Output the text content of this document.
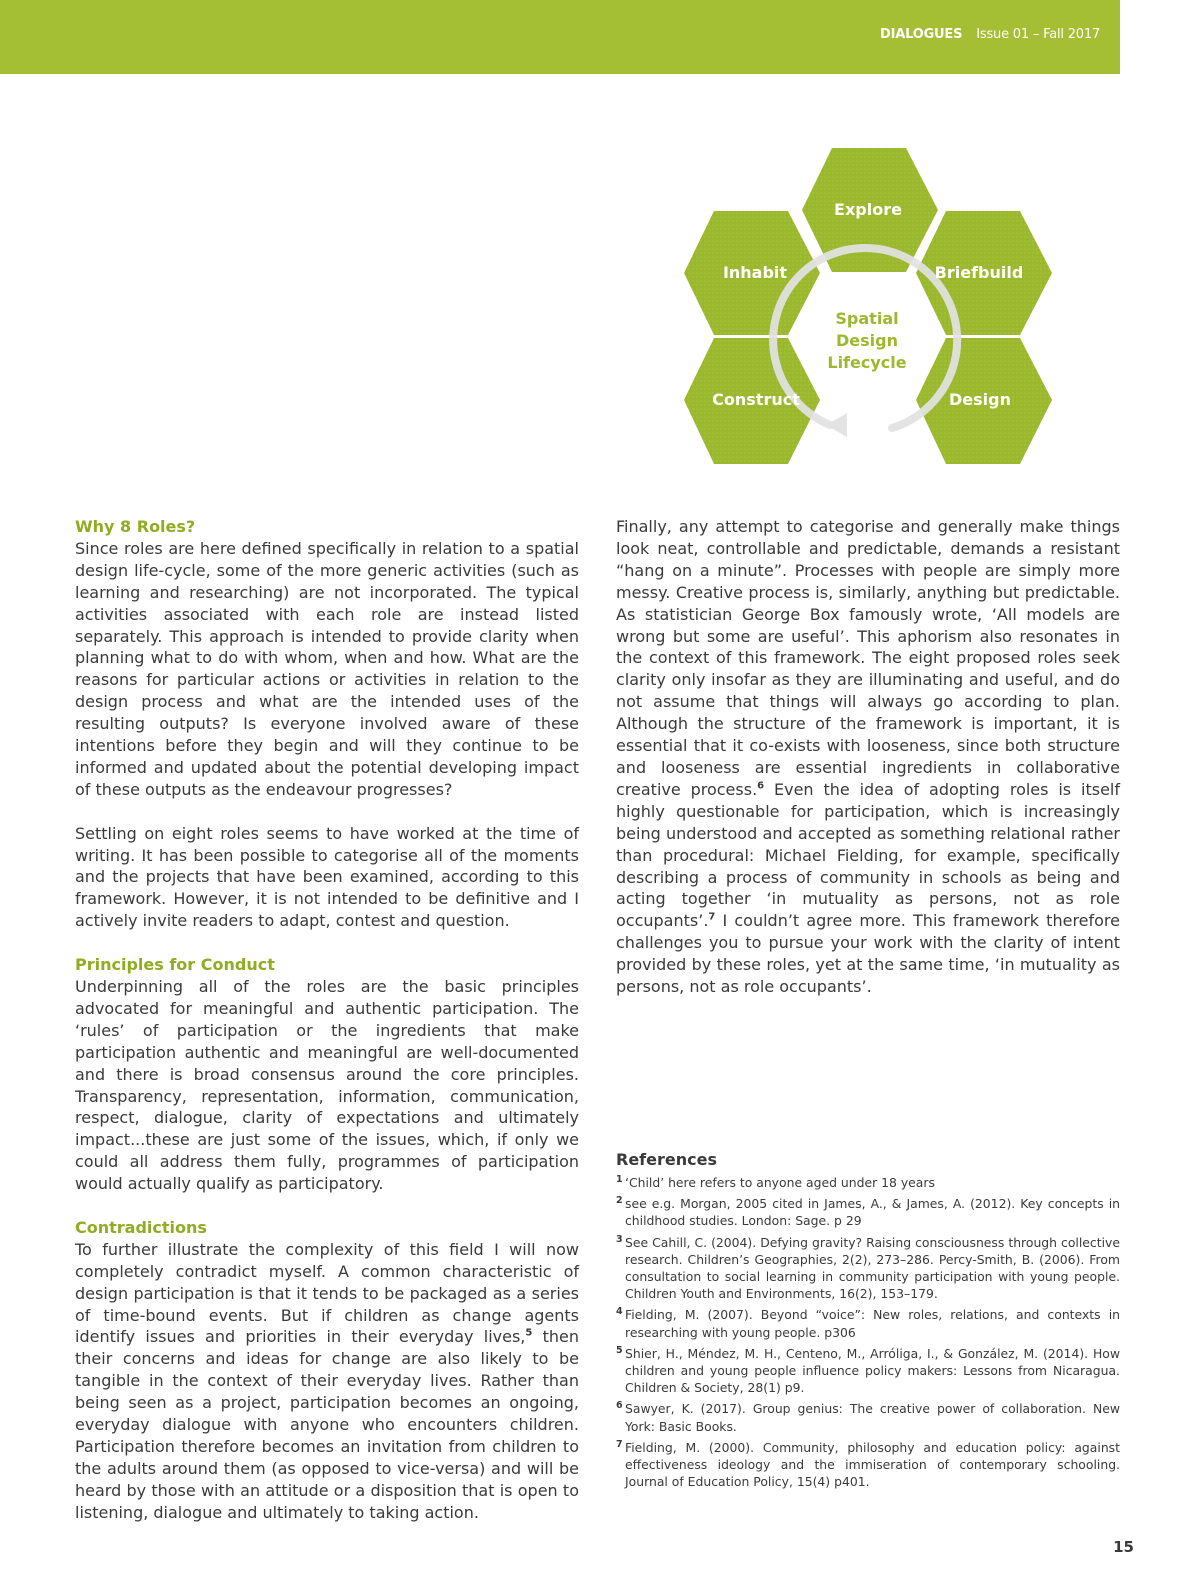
DIALOGUES Issue 01 – Fall 2017
Explore
Briefbuild
Design
Construct
Inhabit
Spatial
Design
Lifecycle
Why 8 Roles?

Since roles are here defined specifically in relation to a spatial design life-cycle, some of the more generic activities (such as learning and researching) are not incorporated. The typical activities associated with each role are instead listed separately. This approach is intended to provide clarity when planning what to do with whom, when and how. What are the reasons for particular actions or activities in relation to the design process and what are the intended uses of the resulting outputs? Is everyone involved aware of these intentions before they begin and will they continue to be informed and updated about the potential developing impact of these outputs as the endeavour progresses?

Settling on eight roles seems to have worked at the time of writing. It has been possible to categorise all of the moments and the projects that have been examined, according to this framework. However, it is not intended to be definitive and I actively invite readers to adapt, contest and question.

Principles for Conduct

Underpinning all of the roles are the basic principles advocated for meaningful and authentic participation. The ‘rules’ of participation or the ingredients that make participation authentic and meaningful are well-documented and there is broad consensus around the core principles. Transparency, representation, information, communication, respect, dialogue, clarity of expectations and ultimately impact...these are just some of the issues, which, if only we could all address them fully, programmes of participation would actually qualify as participatory.

Contradictions

To further illustrate the complexity of this field I will now completely contradict myself. A common characteristic of design participation is that it tends to be packaged as a series of time-bound events. But if children as change agents identify issues and priorities in their everyday lives,$^5$ then their concerns and ideas for change are also likely to be tangible in the context of their everyday lives. Rather than being seen as a project, participation becomes an ongoing, everyday dialogue with anyone who encounters children. Participation therefore becomes an invitation from children to the adults around them (as opposed to vice-versa) and will be heard by those with an attitude or a disposition that is open to listening, dialogue and ultimately to taking action.

Finally, any attempt to categorise and generally make things look neat, controllable and predictable, demands a resistant “hang on a minute”. Processes with people are simply more messy. Creative process is, similarly, anything but predictable. As statistician George Box famously wrote, ‘All models are wrong but some are useful’. This aphorism also resonates in the context of this framework. The eight proposed roles seek clarity only insofar as they are illuminating and useful, and do not assume that things will always go according to plan. Although the structure of the framework is important, it is essential that it co-exists with looseness, since both structure and looseness are essential ingredients in collaborative creative process.$^6$ Even the idea of adopting roles is itself highly questionable for participation, which is increasingly being understood and accepted as something relational rather than procedural: Michael Fielding, for example, specifically describing a process of community in schools as being and acting together ‘in mutuality as persons, not as role occupants’.$^7$ I couldn’t agree more. This framework therefore challenges you to pursue your work with the clarity of intent provided by these roles, yet at the same time, ‘in mutuality as persons, not as role occupants’.

References
1 ‘Child’ here refers to anyone aged under 18 years
2 see e.g. Morgan, 2005 cited in James, A., & James, A. (2012). Key concepts in childhood studies. London: Sage. p 29
3 See Cahill, C. (2004). Defying gravity? Raising consciousness through collective research. Children’s Geographies, 2(2), 273–286. Percy-Smith, B. (2006). From consultation to social learning in community participation with young people. Children Youth and Environments, 16(2), 153–179.
4 Fielding, M. (2007). Beyond “voice”: New roles, relations, and contexts in researching with young people. p306
5 Shier, H., Méndez, M. H., Centeno, M., Arróliga, I., & González, M. (2014). How children and young people influence policy makers: Lessons from Nicaragua. Children & Society, 28(1) p9.
6 Sawyer, K. (2017). Group genius: The creative power of collaboration. New York: Basic Books.
7 Fielding, M. (2000). Community, philosophy and education policy: against effectiveness ideology and the immiseration of contemporary schooling. Journal of Education Policy, 15(4) p401.
15
